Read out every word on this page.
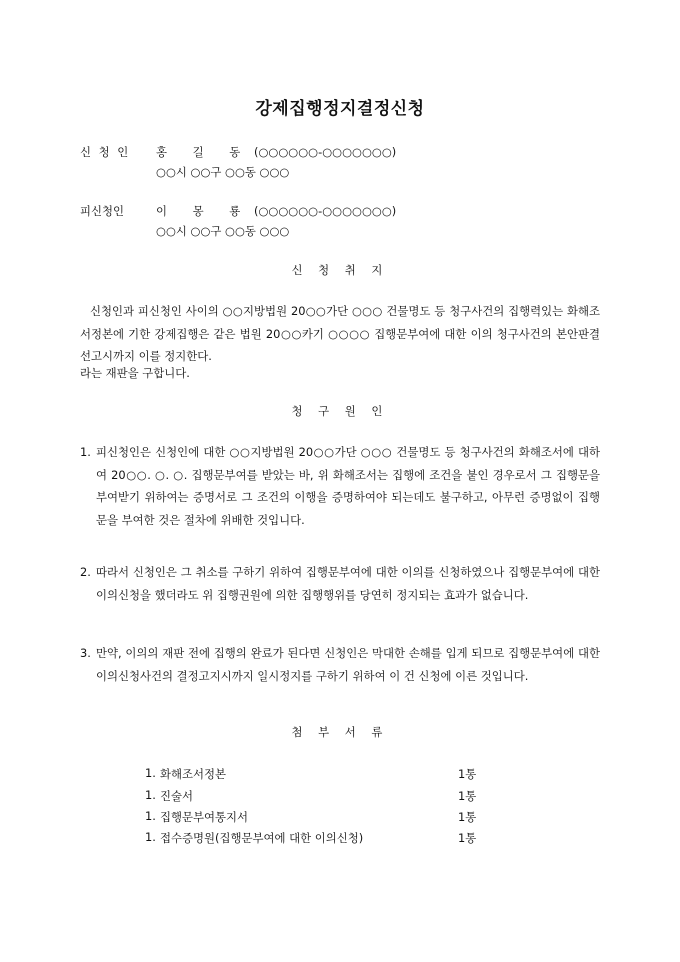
강제집행정지결정신청
신 청 인 홍 길 동 (○○○○○○-○○○○○○○)
○○시 ○○구 ○○동 ○○○
피신청인	이 몽 룡 (○○○○○○-○○○○○○○)
○○시 ○○구 ○○동 ○○○
신 청 취 지
신청인과 피신청인 사이의 ○○지방법원 20○○가단 ○○○ 건물명도 등 청구사건의 집행력있는 화해조서정본에 기한 강제집행은 같은 법원 20○○카기 ○○○○ 집행문부여에 대한 이의 청구사건의 본안판결 선고시까지 이를 정지한다.
라는 재판을 구합니다.
청 구 원 인
1. 피신청인은 신청인에 대한 ○○지방법원 20○○가단 ○○○ 건물명도 등 청구사건의 화해조서에 대하여 20○○. ○. ○. 집행문부여를 받았는 바, 위 화해조서는 집행에 조건을 붙인 경우로서 그 집행문을 부여받기 위하여는 증명서로 그 조건의 이행을 증명하여야 되는데도 불구하고, 아무런 증명없이 집행문을 부여한 것은 절차에 위배한 것입니다.
2. 따라서 신청인은 그 취소를 구하기 위하여 집행문부여에 대한 이의를 신청하였으나 집행문부여에 대한 이의신청을 했더라도 위 집행권원에 의한 집행행위를 당연히 정지되는 효과가 없습니다.
3. 만약, 이의의 재판 전에 집행의 완료가 된다면 신청인은 막대한 손해를 입게 되므로 집행문부여에 대한 이의신청사건의 결정고지시까지 일시정지를 구하기 위하여 이 건 신청에 이른 것입니다.
첨 부 서 류
1. 화해조서정본	1통
1. 진술서	1통
1. 집행문부여통지서	1통
1. 접수증명원(집행문부여에 대한 이의신청)	1통
